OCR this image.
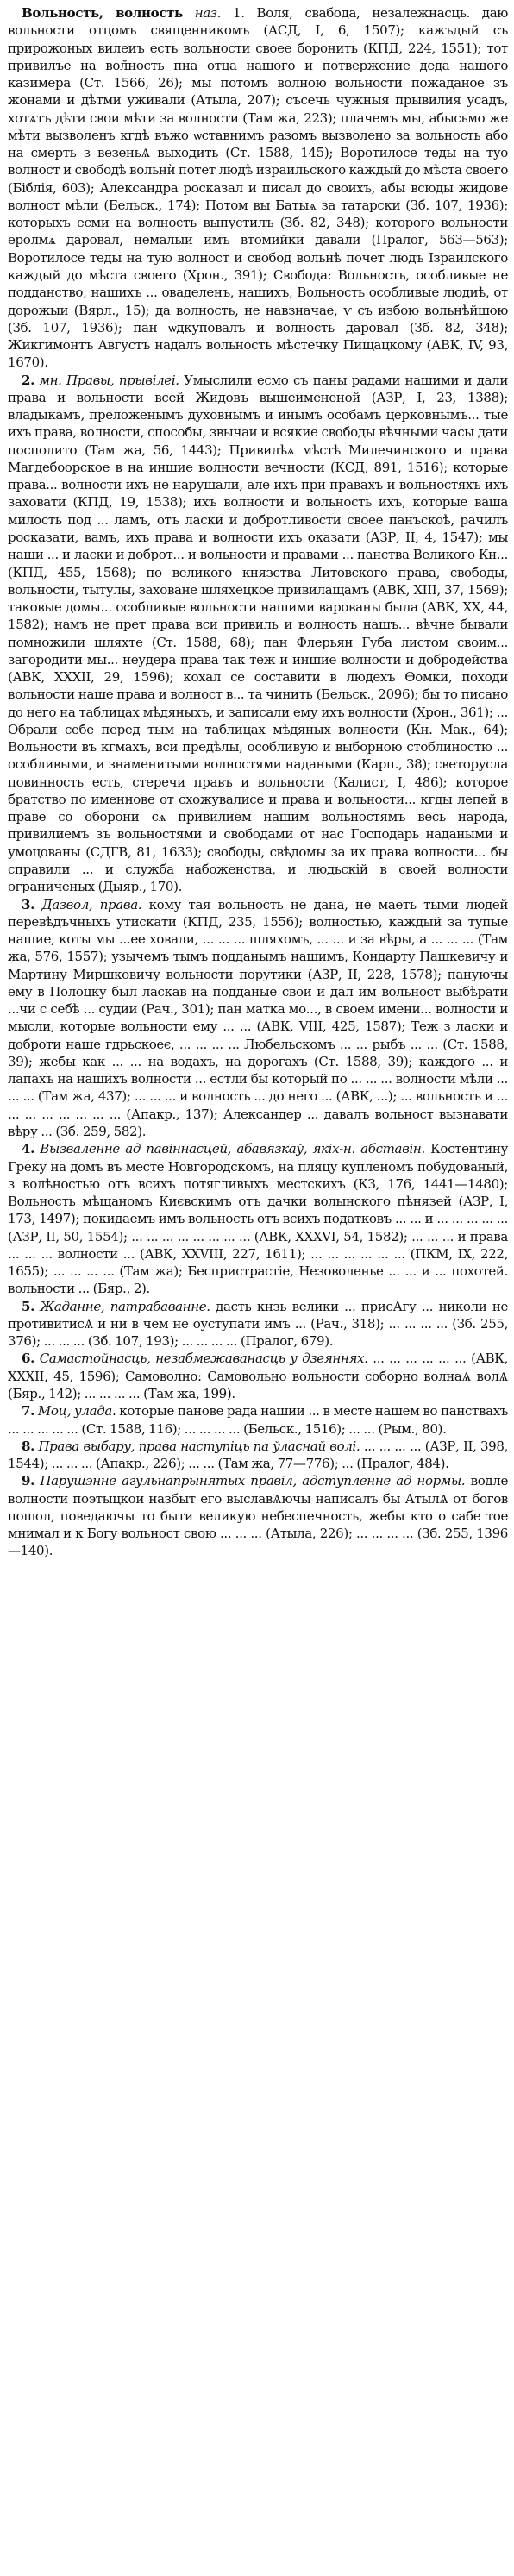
Вольность, волность наз. 1. Воля, свабода, незалежнасць. даю вольности отцомъ священникомъ (АСД, I, 6, 1507); кажъдый съ прирожоных вилеиъ есть вольности своее боронить (КПД, 224, 1551); тот привилъе на вол̆ность пна отца нашого и потвержение деда нашого казимера (Ст. 1566, 26); мы потомъ волною вольности пожаданое зъ жонами и дѣтми уживали (Атыла, 207); съсечь чужныя прывилия усадъ, хотѧтъ дѣти свои мѣти за волности (Там жа, 223); плачемъ мы, абысьмо же мѣти вызволенъ кгдѣ въжо ѡставнимъ разомъ вызволено за вольность або на смерть з везеньѦ выходить (Ст. 1588, 145); Воротилосе теды на туо волност и свободѣ вольнѝ потет людѣ израильского каждый до мѣста своего (Біблія, 603); Александра росказал и писал до своихъ, абы всюды жидове волност мѣли (Бельск., 174); Потом вы Батыѧ за татарски (Зб. 107, 1936); которыхъ есми на волность выпустилъ (Зб. 82, 348); которого вольности еролмѧ даровал, немалыи имъ втомийки давали (Пралог, 563—563); Воротилосе теды на тую волност и свобод вольнѣ почет людъ Ізраилского каждый до мѣста своего (Хрон., 391); Свобода: Вольность, особливые не подданство, нашихъ ... оваделенъ, нашихъ, Вольность особливые людиѣ, от дорожыи (Вярл., 15); да волность, не навзначае, ѵ съ избою вольнѣйшою (Зб. 107, 1936); пан ѡдкуповалъ и волность даровал (Зб. 82, 348); Жикгимонтъ Августъ надалъ вольность мѣстечку Пищацкому (АВК, IV, 93, 1670).

2. мн. Правы, прывілеі. Умыслили есмо съ паны радами нашими и дали права и вольности всей Жидовъ вышеимененой (АЗР, I, 23, 1388); владыкамъ, преложенымъ духовнымъ и инымъ особамъ церковнымъ... тые ихъ права, волности, способы, звычаи и всякие свободы вѣчными часы дати посполито (Там жа, 56, 1443); Привилѣѧ мѣстѣ Милечинского и права Магдебоорское в на иншие волности вечности (КСД, 891, 1516); которые права... волности ихъ не нарушали, але ихъ при правахъ и вольностяхъ ихъ заховати (КПД, 19, 1538); ихъ волности и вольность ихъ, которые ваша милость под ... ламъ, отъ ласки и добротливости своее панъскоѣ, рачилъ росказати, вамъ, ихъ права и волности ихъ оказати (АЗР, II, 4, 1547); мы наши ... и ласки и доброт... и вольности и правами ... панства Великого Кн... (КПД, 455, 1568); по великого князства Литовского права, свободы, вольности, тытулы, заховане шляхецкое привилащамъ (АВК, XIII, 37, 1569); таковые домы... особливые вольности нашими варованы была (АВК, XX, 44, 1582); намъ не прет права вси привиль и волность нашъ... вѣчне бывали помножили шляхте (Ст. 1588, 68); пан Флерьян Губа листом своим... загородити мы... неудера права так теж и иншие волности и добродейства (АВК, XXXII, 29, 1596); кохал се составити в людехъ Ѳомки, походи вольности наше права и волност в... та чинить (Бельск., 2096); бы то писано до него на таблицах мѣдяныхъ, и записали ему ихъ волности (Хрон., 361); ... Обрали себе перед тым на таблицах мѣдяных волности (Кн. Мак., 64); Вольности въ кгмахъ, вси предѣлы, особливую и выборною стоблиностю ... особливыми, и знаменитыми волностями надаными (Карп., 38); светорусла повинность есть, стеречи правъ и вольности (Калист, I, 486); которое братство по именнове от схожувалисе и права и вольности... кгды лепей в праве со оборони сѧ привилием нашим вольностямъ весь народа, привилиемъ зъ вольностями и свободами от нас Господарь надаными и умоцованы (СДГВ, 81, 1633); свободы, свѣдомы за их права волности... бы справили ... и служба набоженства, и людьскій в своей волности ограниченых (Дыяр., 170).

3. Дазвол, права. кому тая вольность не дана, не маеть тыми людей перевѣдъчныхъ утискати (КПД, 235, 1556); волностью, каждый за тупые нашие, коты мы ...ее ховали, ... ... ... шляхомъ, ... ... и за вѣры, а ... ... ... (Там жа, 576, 1557); узычемъ тымъ подданымъ нашимъ, Кондарту Пашкевичу и Мартину Миршковичу вольности порутики (АЗР, II, 228, 1578); пануючы ему в Полоцку был ласкав на подданые свои и дал им вольност выбѣрати ...чи с себѣ ... судии (Рач., 301); пан матка мо..., в своем имени... волности и мысли, которые вольности ему ... ... (АВК, VIII, 425, 1587); Теж з ласки и доброти наше гдрьскоеє, ... ... ... ... Любельскомъ ... ... рыбъ ... ... (Ст. 1588, 39); жебы как ... ... на водахъ, на дорогахъ (Ст. 1588, 39); каждого ... и лапахъ на нашихъ волности ... естли бы который по ... ... ... волности мѣли ... ... ... (Там жа, 437); ... ... ... и волность ... до него ... (АВК, ...); ... вольность и ... ... ... ... ... ... ... ... (Апакр., 137); Александер ... давалъ вольност вызнавати вѣру ... (Зб. 259, 582).

4. Вызваленне ад павіннасцей, абавязкаў, якіх-н. абставін. Костентину Греку на домъ въ месте Новгородскомъ, на пляцу купленомъ побудованый, з волѣностью отъ всихъ потягливыхъ местскихъ (КЗ, 176, 1441—1480); Вольность мѣщаномъ Києвскимъ отъ дачки волынского пѣнязей (АЗР, I, 173, 1497); покидаемъ имъ вольность отъ всихъ податковъ ... ... и ... ... ... ... ... (АЗР, II, 50, 1554); ... ... ... ... ... ... ... ... (АВК, XXXVI, 54, 1582); ... ... ... и права ... ... ... волности ... (АВК, XXVIII, 227, 1611); ... ... ... ... ... ... (ПКМ, IX, 222, 1655); ... ... ... ... (Там жа); Беспристрастіе, Незоволенье ... ... и ... похотей. вольности ... (Бяр., 2).

5. Жаданне, патрабаванне. дасть кнзь велики ... присАгу ... николи не противитисѦ и ни в чем не оуступати имъ ... (Рач., 318); ... ... ... ... (Зб. 255, 376); ... ... ... (Зб. 107, 193); ... ... ... ... (Пралог, 679).

6. Самастойнасць, незабмежаванасць у дзеяннях. ... ... ... ... ... ... (АВК, XXXII, 45, 1596); Самоволно: Самовольно вольности соборно волнаѦ волѦ (Бяр., 142); ... ... ... ... (Там жа, 199).

7. Моц, улада. которые панове рада нашии ... в месте нашем во панствахъ ... ... ... ... ... (Ст. 1588, 116); ... ... ... ... (Бельск., 1516); ... ... (Рым., 80).

8. Права выбару, права наступіць па ўласнай волі. ... ... ... ... (АЗР, II, 398, 1544); ... ... ... (Апакр., 226); ... ... (Там жа, 77—776); ... (Пралог, 484).

9. Парушэнне агульнапрынятых правіл, адступленне ад нормы. водле волности поэтыцкои назбыт его выславѦючы написалъ бы АтылѦ от богов пошол, поведаючы то быти великую небеспечность, жебы кто о сабе тое мнимал и к Богу вольност свою ... ... ... (Атыла, 226); ... ... ... ... (Зб. 255, 1396—140).
